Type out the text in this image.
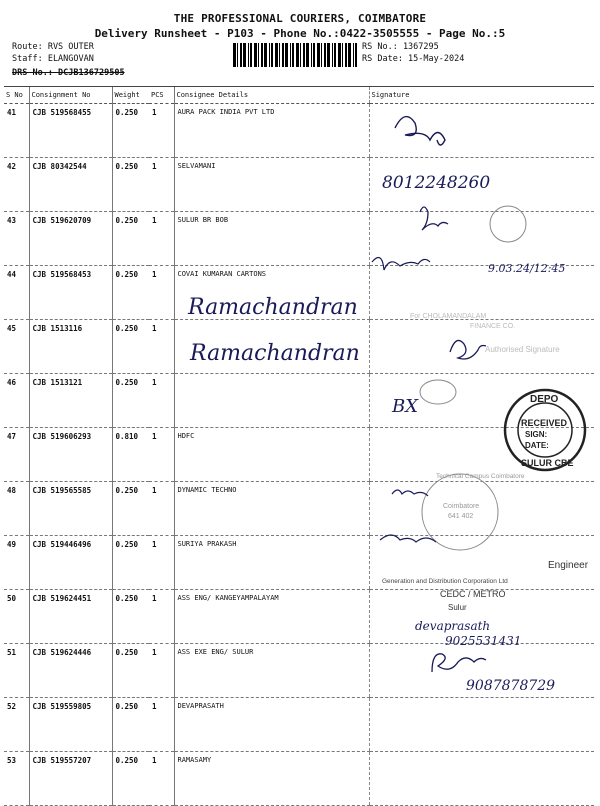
THE PROFESSIONAL COURIERS, COIMBATORE
Delivery Runsheet - P103 - Phone No.:0422-3505555 - Page No.:5
Route: RVS OUTER
Staff: ELANGOVAN
DRS No.: DCJB136729505
RS No.: 1367295
RS Date: 15-May-2024
S No	Consignment No	Weight	PCS	Consignee Details	Signature
41	CJB 519568455	0.250	1	AURA PACK INDIA PVT LTD	
42	CJB 80342544	0.250	1	SELVAMANI	
43	CJB 519620709	0.250	1	SULUR BR BOB	
44	CJB 519568453	0.250	1	COVAI KUMARAN CARTONS	
45	CJB 1513116	0.250	1		
46	CJB 1513121	0.250	1		
47	CJB 519606293	0.810	1	HDFC	
48	CJB 519565585	0.250	1	DYNAMIC TECHNO	
49	CJB 519446496	0.250	1	SURIYA PRAKASH	
50	CJB 519624451	0.250	1	ASS ENG/ KANGEYAMPALAYAM	
51	CJB 519624446	0.250	1	ASS EXE ENG/ SULUR	
52	CJB 519559805	0.250	1	DEVAPRASATH	
53	CJB 519557207	0.250	1	RAMASAMY	
8012248260
9.03.24/12:45
Ramachandran
Ramachandran
For CHOLAMANDALAM
FINANCE CO.
Authorised Signature
BX	DEPO
RECEIVED
SIGN:
DATE:
SULUR CBE
Technical Campus Coimbatore
Coimbatore
641 402
Engineer
Generation and Distribution Corporation Ltd
CEDC / METRO
Sulur
devaprasath
9025531431
9087878729
